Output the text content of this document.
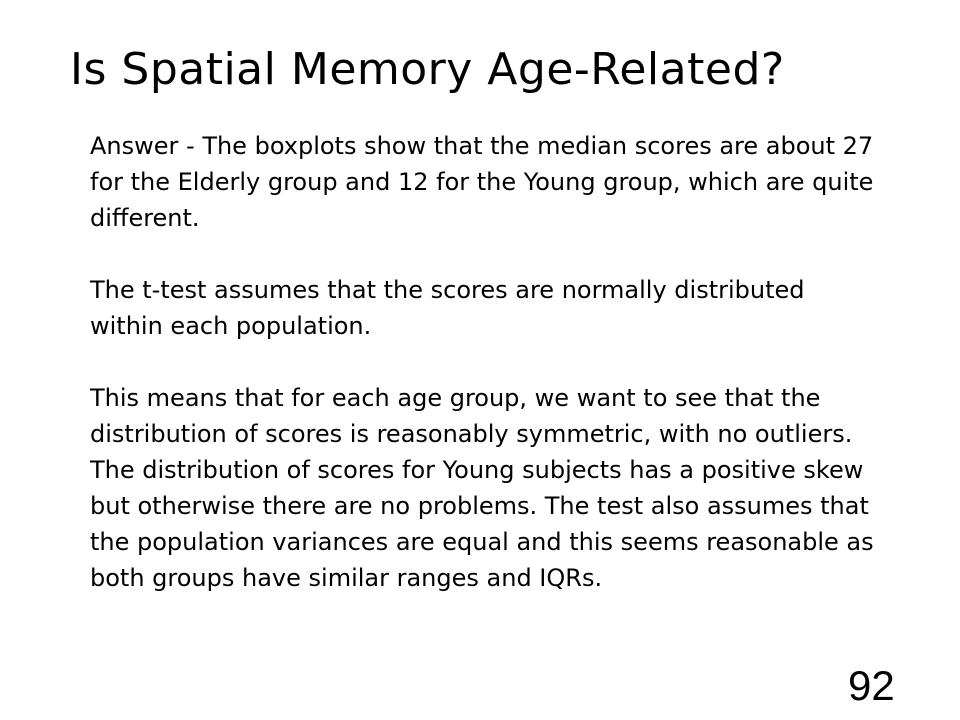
Is Spatial Memory Age-Related?

Answer - The boxplots show that the median scores are about 27 for the Elderly group and 12 for the Young group, which are quite different.

The t-test assumes that the scores are normally distributed within each population.

This means that for each age group, we want to see that the distribution of scores is reasonably symmetric, with no outliers. The distribution of scores for Young subjects has a positive skew but otherwise there are no problems. The test also assumes that the population variances are equal and this seems reasonable as both groups have similar ranges and IQRs.

92
